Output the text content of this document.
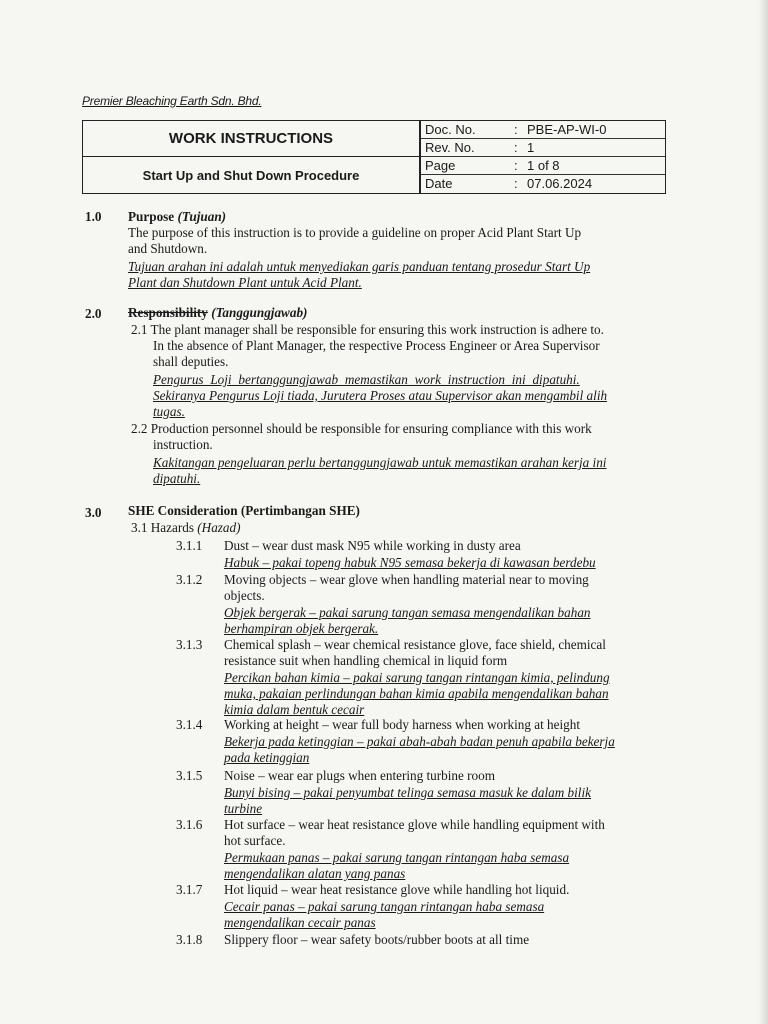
Premier Bleaching Earth Sdn. Bhd.
WORK INSTRUCTIONS
Start Up and Shut Down Procedure
Doc. No.	: PBE-AP-WI-0
Rev. No.	: 1
Page	: 1 of 8
Date	: 07.06.2024
1.0 Purpose (Tujuan)
The purpose of this instruction is to provide a guideline on proper Acid Plant Start Up
and Shutdown.
Tujuan arahan ini adalah untuk menyediakan garis panduan tentang prosedur Start Up
Plant dan Shutdown Plant untuk Acid Plant.
2.0 Responsibility (Tanggungjawab)
2.1 The plant manager shall be responsible for ensuring this work instruction is adhere to.
In the absence of Plant Manager, the respective Process Engineer or Area Supervisor
shall deputies.
Pengurus Loji bertanggungjawab memastikan work instruction ini dipatuhi.
Sekiranya Pengurus Loji tiada, Jurutera Proses atau Supervisor akan mengambil alih
tugas.
2.2 Production personnel should be responsible for ensuring compliance with this work
instruction.
Kakitangan pengeluaran perlu bertanggungjawab untuk memastikan arahan kerja ini
dipatuhi.
3.0 SHE Consideration (Pertimbangan SHE)
3.1 Hazards (Hazad)
3.1.1 Dust – wear dust mask N95 while working in dusty area
Habuk – pakai topeng habuk N95 semasa bekerja di kawasan berdebu
3.1.2 Moving objects – wear glove when handling material near to moving
objects.
Objek bergerak – pakai sarung tangan semasa mengendalikan bahan
berhampiran objek bergerak.
3.1.3 Chemical splash – wear chemical resistance glove, face shield, chemical
resistance suit when handling chemical in liquid form
Percikan bahan kimia – pakai sarung tangan rintangan kimia, pelindung
muka, pakaian perlindungan bahan kimia apabila mengendalikan bahan
kimia dalam bentuk cecair
3.1.4 Working at height – wear full body harness when working at height
Bekerja pada ketinggian – pakai abah-abah badan penuh apabila bekerja
pada ketinggian
3.1.5 Noise – wear ear plugs when entering turbine room
Bunyi bising – pakai penyumbat telinga semasa masuk ke dalam bilik
turbine
3.1.6 Hot surface – wear heat resistance glove while handling equipment with
hot surface.
Permukaan panas – pakai sarung tangan rintangan haba semasa
mengendalikan alatan yang panas
3.1.7 Hot liquid – wear heat resistance glove while handling hot liquid.
Cecair panas – pakai sarung tangan rintangan haba semasa
mengendalikan cecair panas
3.1.8 Slippery floor – wear safety boots/rubber boots at all time
